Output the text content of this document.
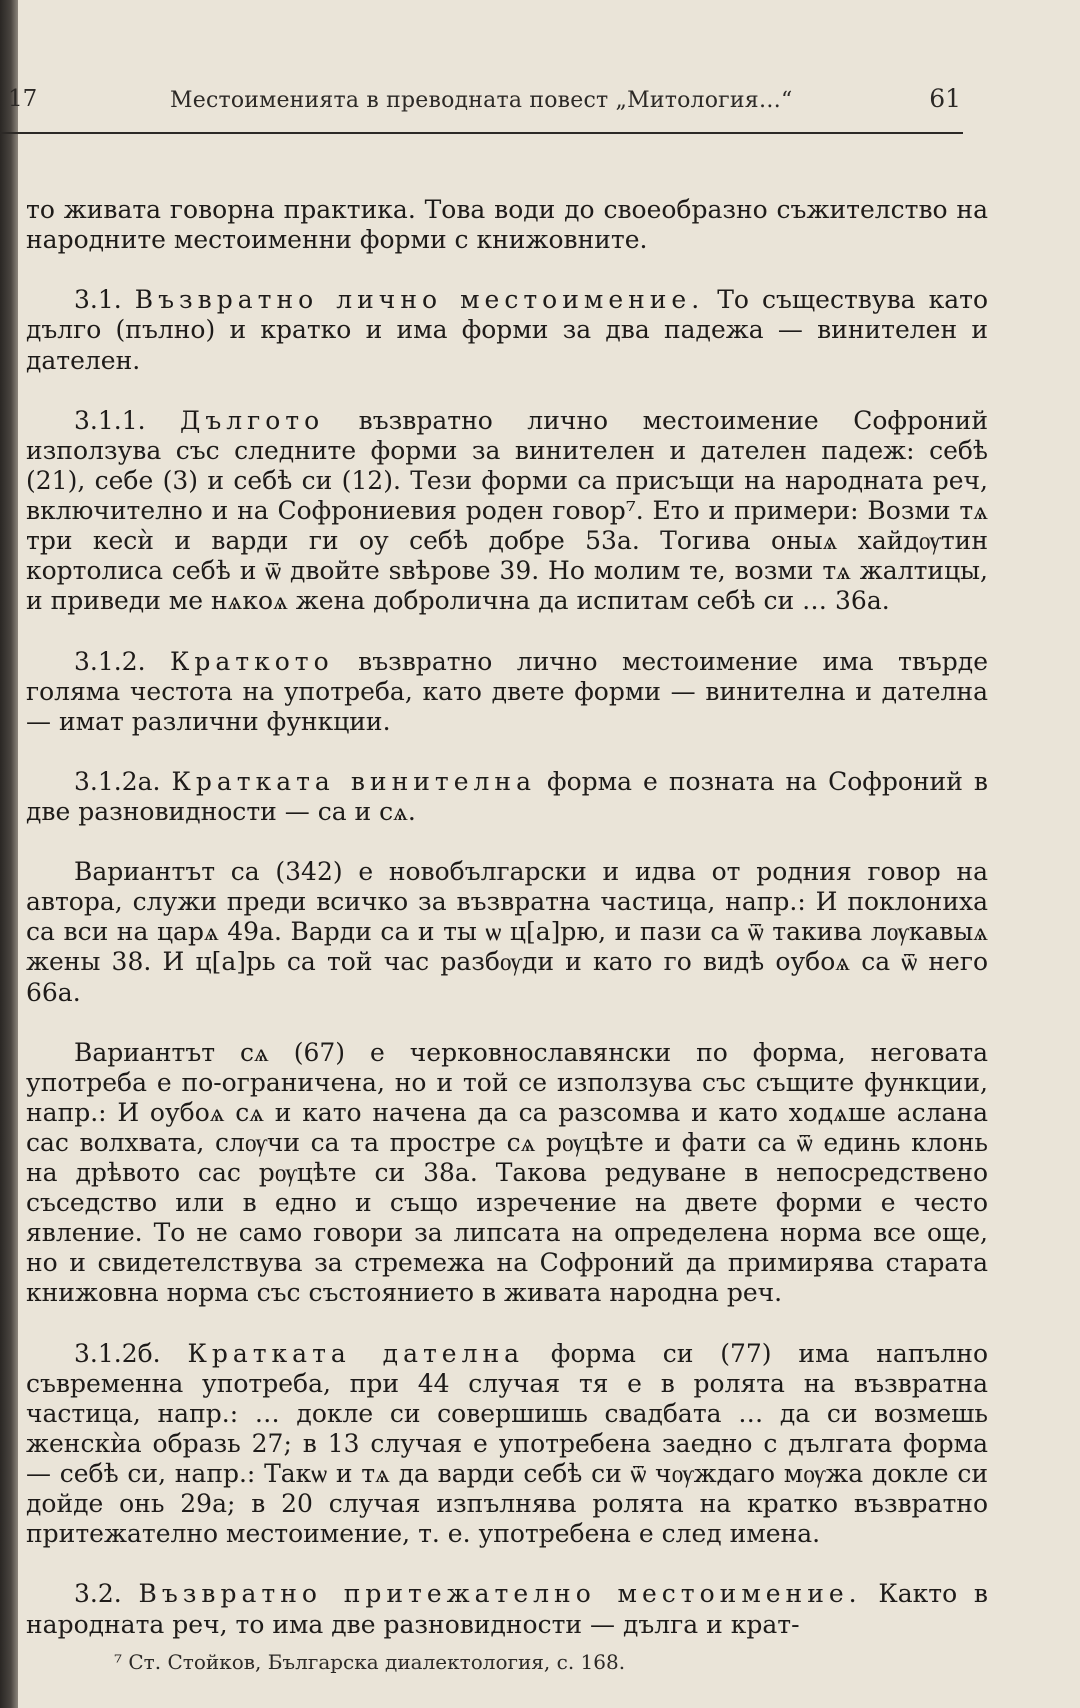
17	Местоименията в преводната повест „Митология…“	61

то живата говорна практика. Това води до своеобразно съжителство на народните местоименни форми с книжовните.

3.1. Възвратно лично местоимение. То съществува като дълго (пълно) и кратко и има форми за два падежа — винителен и дателен.

3.1.1. Дългото възвратно лично местоимение Софроний използува със следните форми за винителен и дателен падеж: себѣ (21), себе (3) и себѣ си (12). Тези форми са присъщи на народната реч, включително и на Софрониевия роден говор⁷. Ето и примери: Возми тѧ три кесѝ и варди ги оу себѣ добре 53а. Тогива оныѧ хайдѹтин кортолиса себѣ и ѿ двойте ѕвѣрове 39. Но молим те, возми тѧ жалтицы, и приведи ме нѧкоѧ жена добролична да испитам себѣ си … 36а.

3.1.2. Краткото възвратно лично местоимение има твърде голяма честота на употреба, като двете форми — винителна и дателна — имат различни функции.

3.1.2а. Кратката винителна форма е позната на Софроний в две разновидности — са и сѧ.

Вариантът са (342) е новобългарски и идва от родния говор на автора, служи преди всичко за възвратна частица, напр.: И поклониха са вси на царѧ 49а. Варди са и ты ѡ ц[а]рю, и пази са ѿ такива лѹкавыѧ жены 38. И ц[а]рь са той час разбѹди и като го видѣ оубоѧ са ѿ него 66а.

Вариантът сѧ (67) е черковнославянски по форма, неговата употреба е по-ограничена, но и той се използува със същите функции, напр.: И оубоѧ сѧ и като начена да са разсомва и като ходѧше аслана сас волхвата, слѹчи са та простре сѧ рѹцѣте и фати са ѿ единь клонь на дрѣвото сас рѹцѣте си 38а. Такова редуване в непосредствено съседство или в едно и също изречение на двете форми е често явление. То не само говори за липсата на определена норма все още, но и свидетелствува за стремежа на Софроний да примирява старата книжовна норма със състоянието в живата народна реч.

3.1.2б. Кратката дателна форма си (77) има напълно съвременна употреба, при 44 случая тя е в ролята на възвратна частица, напр.: … докле си совершишь свадбата … да си возмешь женскѝа образь 27; в 13 случая е употребена заедно с дългата форма — себѣ си, напр.: Такѡ и тѧ да варди себѣ си ѿ чѹждаго мѹжа докле си дойде онь 29а; в 20 случая изпълнява ролята на кратко възвратно притежателно местоимение, т. е. употребена е след имена.

3.2. Възвратно притежателно местоимение. Както в народната реч, то има две разновидности — дълга и крат-

⁷ Ст. Стойков, Българска диалектология, с. 168.
